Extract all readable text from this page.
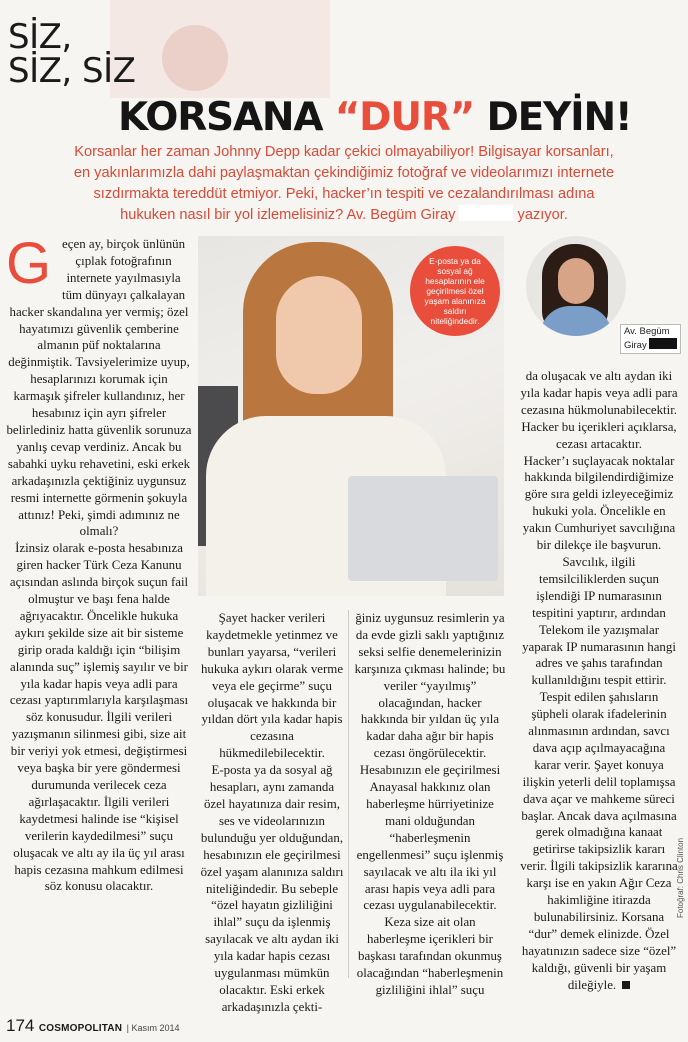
SİZ,
SİZ, SİZ
KORSANA “DUR” DEYİN!
Korsanlar her zaman Johnny Depp kadar çekici olmayabiliyor! Bilgisayar korsanları,
en yakınlarımızla dahi paylaşmaktan çekindiğimiz fotoğraf ve videolarımızı internete
sızdırmakta tereddüt etmiyor. Peki, hacker’ın tespiti ve cezalandırılması adına
hukuken nasıl bir yol izlemelisiniz? Av. Begüm Giray	yazıyor.

Geçen ay, birçok ünlünün çıplak fotoğrafının internete yayılmasıyla tüm dünyayı çalkalayan hacker skandalına yer vermiş; özel hayatımızı güvenlik çemberine almanın püf noktalarına değinmiştik. Tavsiyelerimize uyup, hesaplarınızı korumak için karmaşık şifreler kullandınız, her hesabınız için ayrı şifreler belirlediniz hatta güvenlik sorunuza yanlış cevap verdiniz. Ancak bu sabahki uyku rehavetini, eski erkek arkadaşınızla çektiğiniz uygunsuz resmi internette görmenin şokuyla attınız! Peki, şimdi adımınız ne olmalı?

İzinsiz olarak e-posta hesabınıza giren hacker Türk Ceza Kanunu açısından aslında birçok suçun fail olmuştur ve başı fena halde ağrıyacaktır. Öncelikle hukuka aykırı şekilde size ait bir sisteme girip orada kaldığı için “bilişim alanında suç” işlemiş sayılır ve bir yıla kadar hapis veya adli para cezası yaptırımlarıyla karşılaşması söz konusudur. İlgili verileri yazışmanın silinmesi gibi, size ait bir veriyi yok etmesi, değiştirmesi veya başka bir yere göndermesi durumunda verilecek ceza ağırlaşacaktır. İlgili verileri kaydetmesi halinde ise “kişisel verilerin kaydedilmesi” suçu oluşacak ve altı ay ila üç yıl arası hapis cezasına mahkum edilmesi söz konusu olacaktır.

E-posta ya da sosyal ağ hesaplarının ele geçirilmesi özel yaşam alanınıza saldırı niteliğindedir.
Av. Begüm
Giray

da oluşacak ve altı aydan iki yıla kadar hapis veya adli para cezasına hükmolunabilecektir. Hacker bu içerikleri açıklarsa, cezası artacaktır.

Hacker’ı suçlayacak noktalar hakkında bilgilendirdiğimize göre sıra geldi izleyeceğimiz hukuki yola. Öncelikle en yakın Cumhuriyet savcılığına bir dilekçe ile başvurun. Savcılık, ilgili temsilciliklerden suçun işlendiği IP numarasının tespitini yaptırır, ardından Telekom ile yazışmalar yaparak IP numarasının hangi adres ve şahıs tarafından kullanıldığını tespit ettirir. Tespit edilen şahısların şüpheli olarak ifadelerinin alınmasının ardından, savcı dava açıp açılmayacağına karar verir. Şayet konuya ilişkin yeterli delil toplamışsa dava açar ve mahkeme süreci başlar. Ancak dava açılmasına gerek olmadığına kanaat getirirse takipsizlik kararı verir. İlgili takipsizlik kararına karşı ise en yakın Ağır Ceza hakimliğine itirazda bulunabilirsiniz. Korsana “dur” demek elinizde. Özel hayatınızın sadece size “özel” kaldığı, güvenli bir yaşam dileğiyle.

Şayet hacker verileri kaydetmekle yetinmez ve bunları yayarsa, “verileri hukuka aykırı olarak verme veya ele geçirme” suçu oluşacak ve hakkında bir yıldan dört yıla kadar hapis cezasına hükmedilebilecektir.

E-posta ya da sosyal ağ hesapları, aynı zamanda özel hayatınıza dair resim, ses ve videolarınızın bulunduğu yer olduğundan, hesabınızın ele geçirilmesi özel yaşam alanınıza saldırı niteliğindedir. Bu sebeple “özel hayatın gizliliğini ihlal” suçu da işlenmiş sayılacak ve altı aydan iki yıla kadar hapis cezası uygulanması mümkün olacaktır. Eski erkek arkadaşınızla çekti-

ğiniz uygunsuz resimlerin ya da evde gizli saklı yaptığınız seksi selfie denemelerinizin karşınıza çıkması halinde; bu veriler “yayılmış” olacağından, hacker hakkında bir yıldan üç yıla kadar daha ağır bir hapis cezası öngörülecektir.

Hesabınızın ele geçirilmesi Anayasal hakkınız olan haberleşme hürriyetinize mani olduğundan “haberleşmenin engellenmesi” suçu işlenmiş sayılacak ve altı ila iki yıl arası hapis veya adli para cezası uygulanabilecektir. Keza size ait olan haberleşme içerikleri bir başkası tarafından okunmuş olacağından “haberleşmenin gizliliğini ihlal” suçu

174 COSMOPOLITAN | Kasım 2014
Fotoğraf: Chris Clinton
